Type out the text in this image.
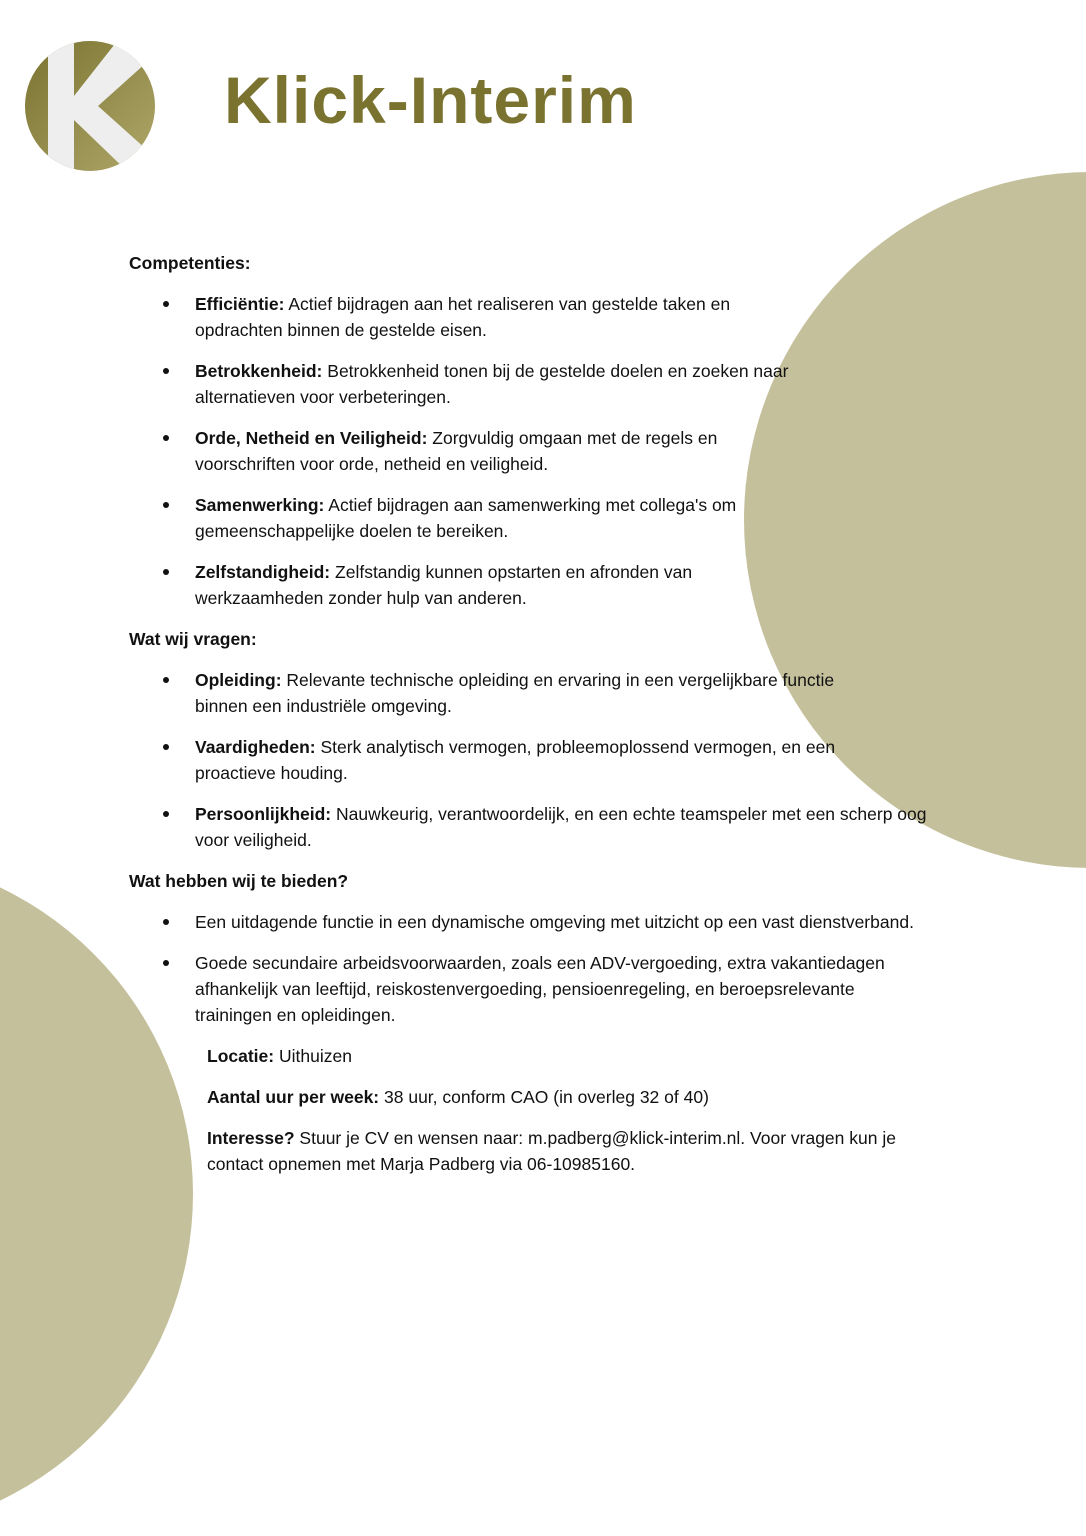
Klick-Interim
Competenties:
Efficiëntie: Actief bijdragen aan het realiseren van gestelde taken en opdrachten binnen de gestelde eisen.
Betrokkenheid: Betrokkenheid tonen bij de gestelde doelen en zoeken naar alternatieven voor verbeteringen.
Orde, Netheid en Veiligheid: Zorgvuldig omgaan met de regels en voorschriften voor orde, netheid en veiligheid.
Samenwerking: Actief bijdragen aan samenwerking met collega's om gemeenschappelijke doelen te bereiken.
Zelfstandigheid: Zelfstandig kunnen opstarten en afronden van werkzaamheden zonder hulp van anderen.
Wat wij vragen:
Opleiding: Relevante technische opleiding en ervaring in een vergelijkbare functie binnen een industriële omgeving.
Vaardigheden: Sterk analytisch vermogen, probleemoplossend vermogen, en een proactieve houding.
Persoonlijkheid: Nauwkeurig, verantwoordelijk, en een echte teamspeler met een scherp oog voor veiligheid.
Wat hebben wij te bieden?
Een uitdagende functie in een dynamische omgeving met uitzicht op een vast dienstverband.
Goede secundaire arbeidsvoorwaarden, zoals een ADV-vergoeding, extra vakantiedagen afhankelijk van leeftijd, reiskostenvergoeding, pensioenregeling, en beroepsrelevante trainingen en opleidingen.
Locatie: Uithuizen
Aantal uur per week: 38 uur, conform CAO (in overleg 32 of 40)
Interesse? Stuur je CV en wensen naar: m.padberg@klick-interim.nl. Voor vragen kun je contact opnemen met Marja Padberg via 06-10985160.
